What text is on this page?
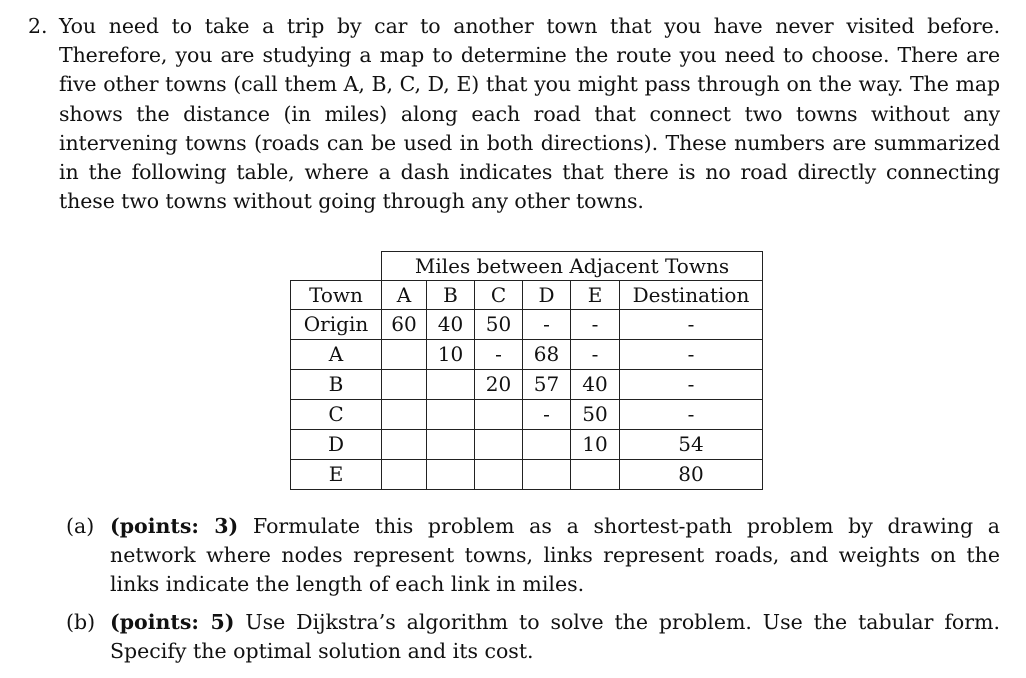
2. You need to take a trip by car to another town that you have never visited before. Therefore, you are studying a map to determine the route you need to choose. There are five other towns (call them A, B, C, D, E) that you might pass through on the way. The map shows the distance (in miles) along each road that connect two towns without any intervening towns (roads can be used in both directions). These numbers are summarized in the following table, where a dash indicates that there is no road directly connecting these two towns without going through any other towns.
	Miles between Adjacent Towns					
Town	A	B	C	D	E	Destination
Origin	60	40	50	-	-	-
A		10	-	68	-	-
B			20	57	40	-
C				-	50	-
D					10	54
E						80
(a) (points: 3) Formulate this problem as a shortest-path problem by drawing a network where nodes represent towns, links represent roads, and weights on the links indicate the length of each link in miles.
(b) (points: 5) Use Dijkstra’s algorithm to solve the problem. Use the tabular form. Specify the optimal solution and its cost.
